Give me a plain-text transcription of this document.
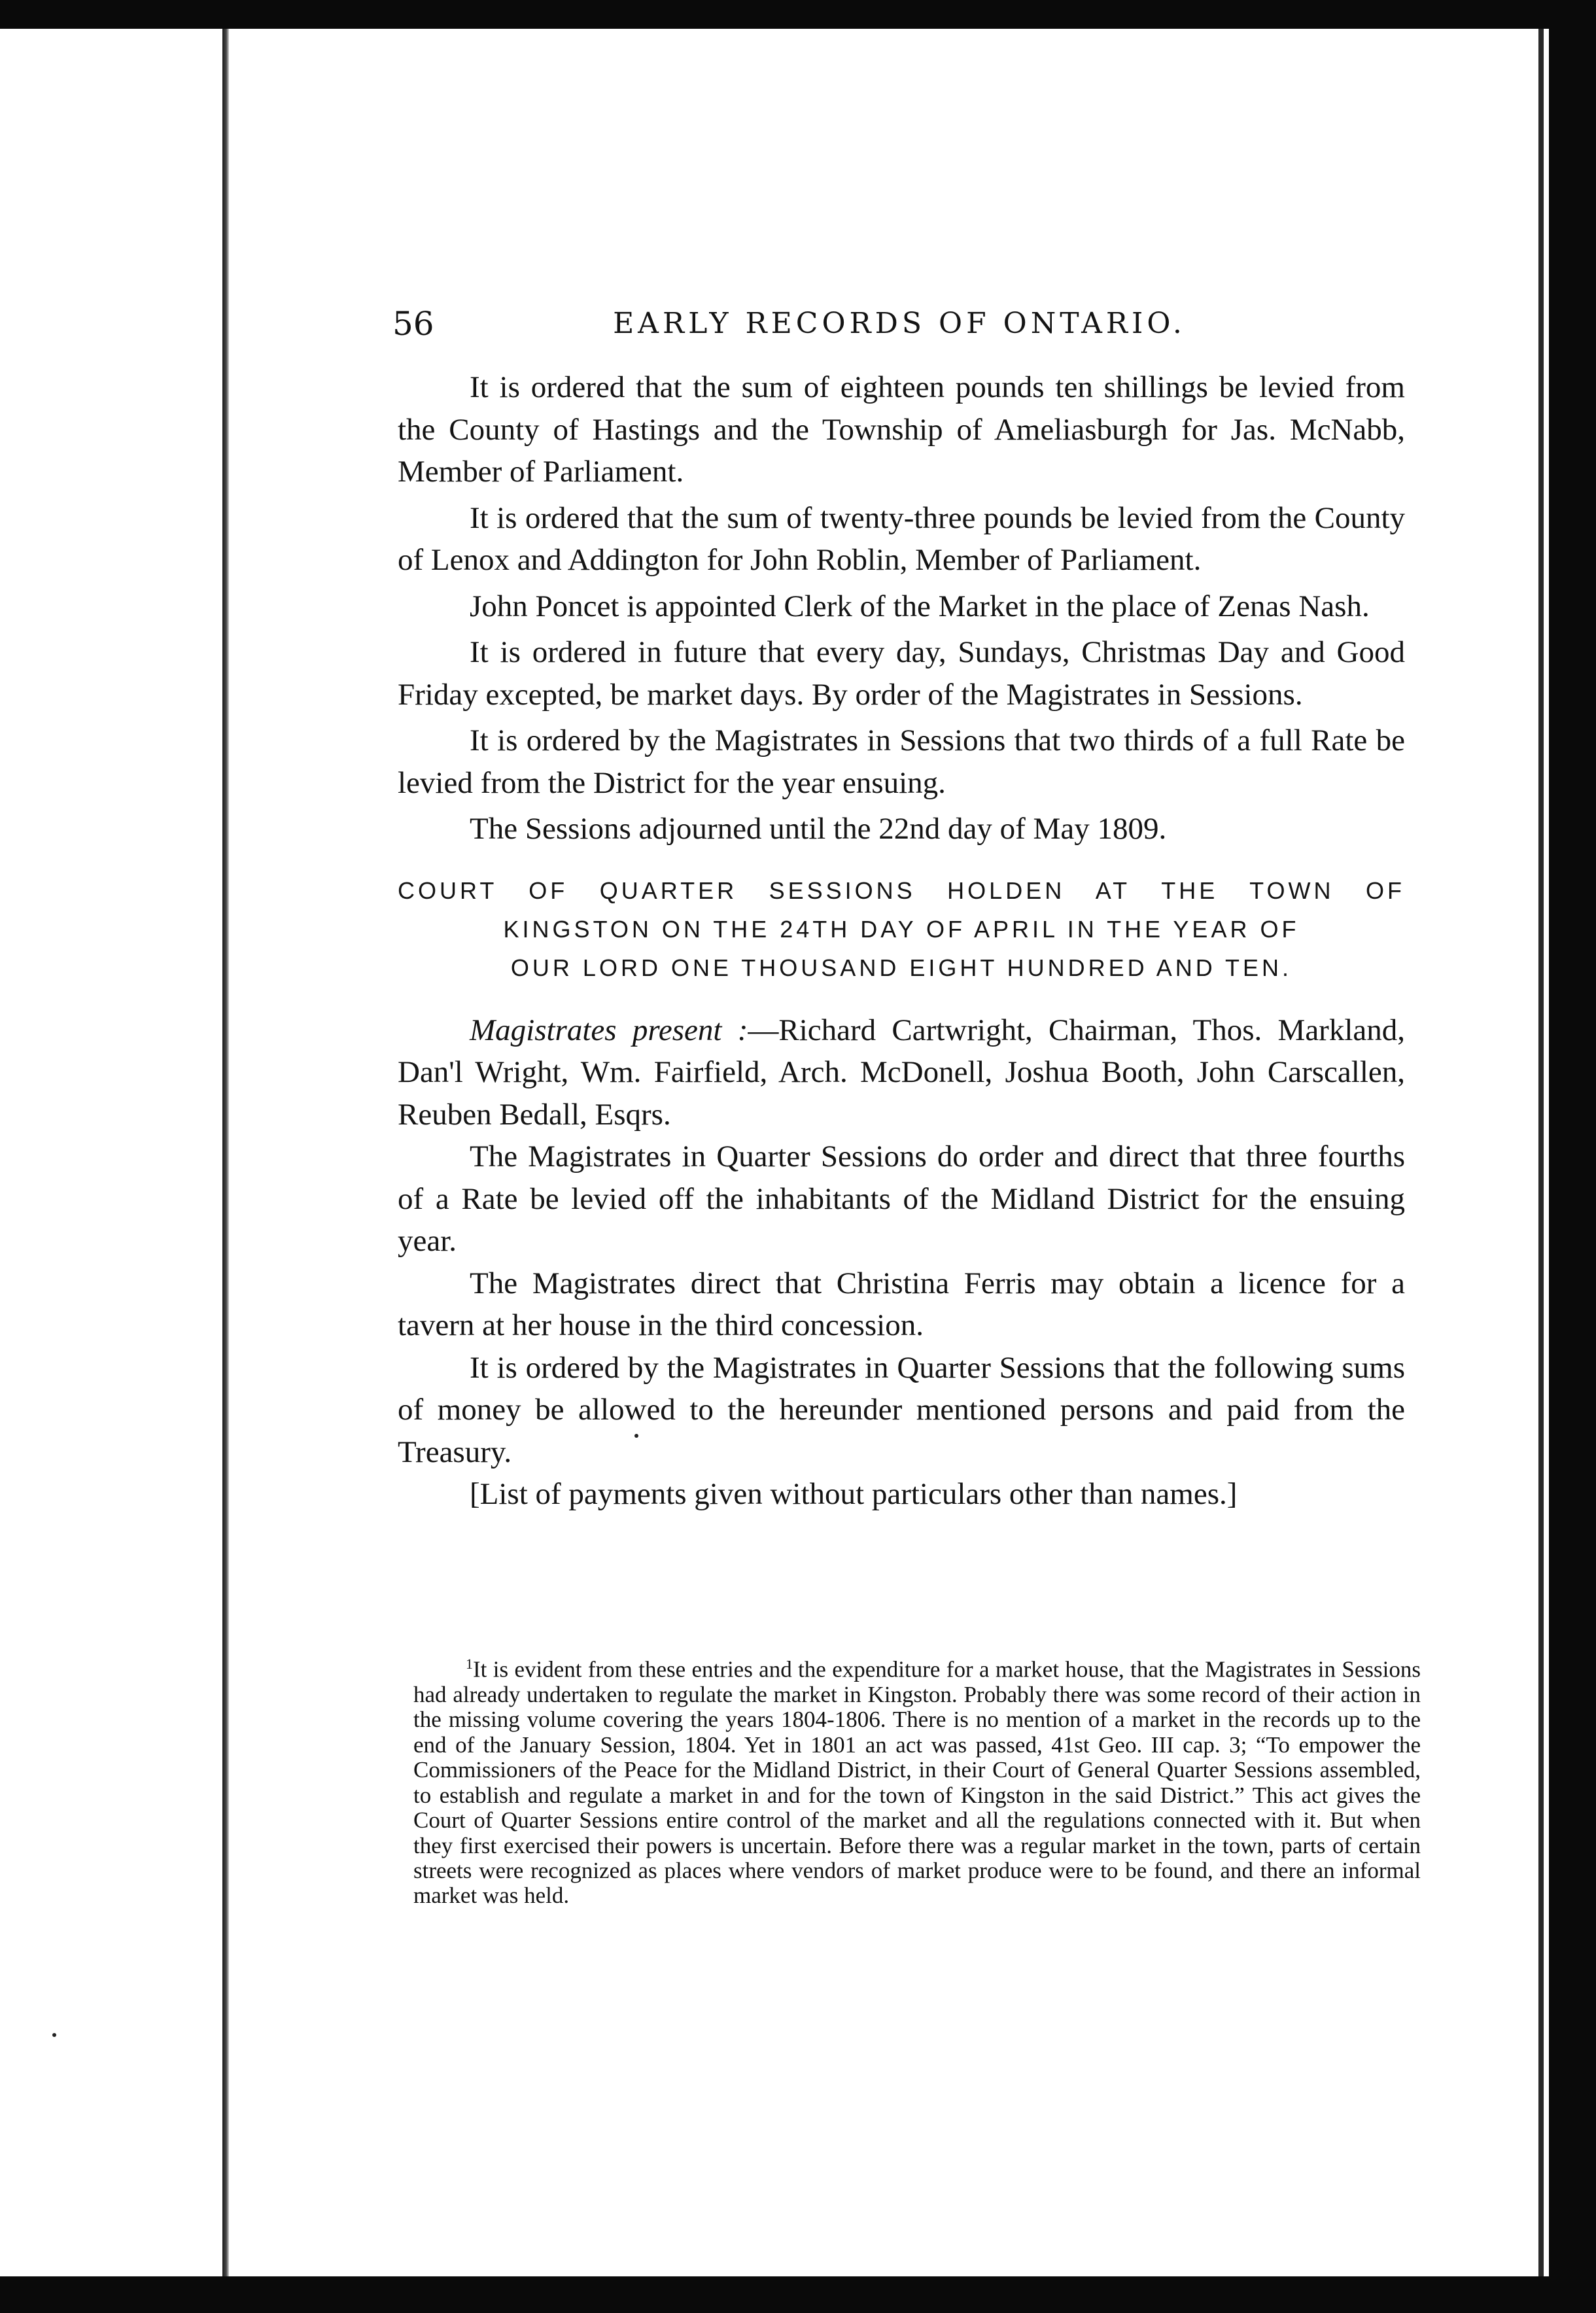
56	EARLY RECORDS OF ONTARIO.

It is ordered that the sum of eighteen pounds ten shillings be levied from the County of Hastings and the Township of Ameliasburgh for Jas. McNabb, Member of Parliament.

It is ordered that the sum of twenty-three pounds be levied from the County of Lenox and Addington for John Roblin, Member of Parliament.

John Poncet is appointed Clerk of the Market in the place of Zenas Nash.

It is ordered in future that every day, Sundays, Christmas Day and Good Friday excepted, be market days. By order of the Magistrates in Sessions.

It is ordered by the Magistrates in Sessions that two thirds of a full Rate be levied from the District for the year ensuing.

The Sessions adjourned until the 22nd day of May 1809.

COURT OF QUARTER SESSIONS HOLDEN AT THE TOWN OF
KINGSTON ON THE 24TH DAY OF APRIL IN THE YEAR OF
OUR LORD ONE THOUSAND EIGHT HUNDRED AND TEN.

Magistrates present :—Richard Cartwright, Chairman, Thos. Markland, Dan'l Wright, Wm. Fairfield, Arch. McDonell, Joshua Booth, John Carscallen, Reuben Bedall, Esqrs.

The Magistrates in Quarter Sessions do order and direct that three fourths of a Rate be levied off the inhabitants of the Midland District for the ensuing year.

The Magistrates direct that Christina Ferris may obtain a licence for a tavern at her house in the third concession.

It is ordered by the Magistrates in Quarter Sessions that the following sums of money be allowed to the hereunder mentioned persons and paid from the Treasury.

[List of payments given without particulars other than names.]

$^1$It is evident from these entries and the expenditure for a market house, that the Magistrates in Sessions had already undertaken to regulate the market in Kingston. Probably there was some record of their action in the missing volume covering the years 1804-1806. There is no mention of a market in the records up to the end of the January Session, 1804. Yet in 1801 an act was passed, 41st Geo. III cap. 3; “To empower the Commissioners of the Peace for the Midland District, in their Court of General Quarter Sessions assembled, to establish and regulate a market in and for the town of Kingston in the said District.” This act gives the Court of Quarter Sessions entire control of the market and all the regulations connected with it. But when they first exercised their powers is uncertain. Before there was a regular market in the town, parts of certain streets were recognized as places where vendors of market produce were to be found, and there an informal market was held.
